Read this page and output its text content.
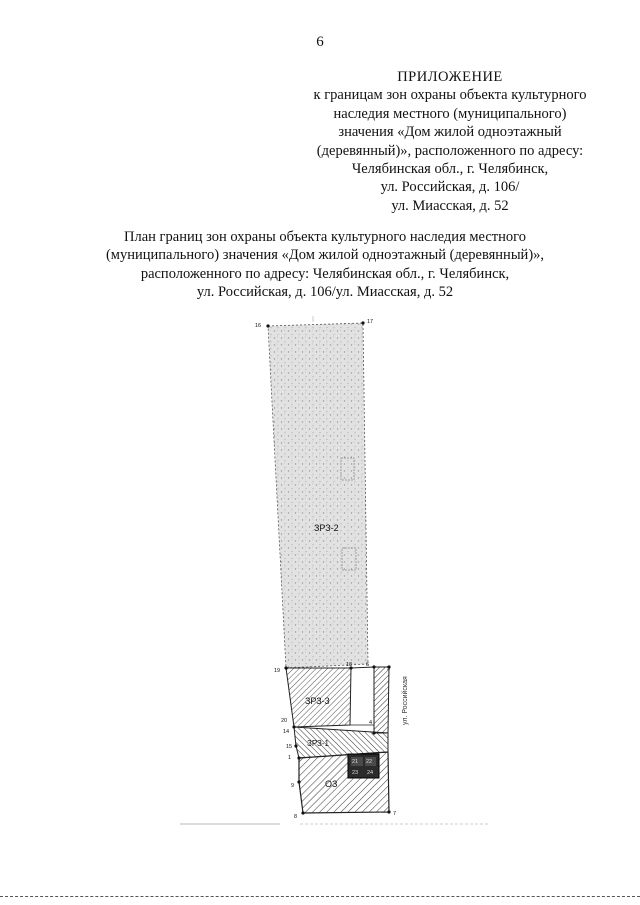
6
ПРИЛОЖЕНИЕ
к границам зон охраны объекта культурного
наследия местного (муниципального)
значения «Дом жилой одноэтажный
(деревянный)», расположенного по адресу:
Челябинская обл., г. Челябинск,
ул. Российская, д. 106/
ул. Миасская, д. 52
План границ зон охраны объекта культурного наследия местного
(муниципального) значения «Дом жилой одноэтажный (деревянный)»,
расположенного по адресу: Челябинская обл., г. Челябинск,
ул. Российская, д. 106/ул. Миасская, д. 52
ул. Российская
ЗРЗ-2
ЗРЗ-3
ЗРЗ-1
ОЗ
16
17
19
18	6
5
20
14
15
1
4
9
8	7
21 22
23 24
